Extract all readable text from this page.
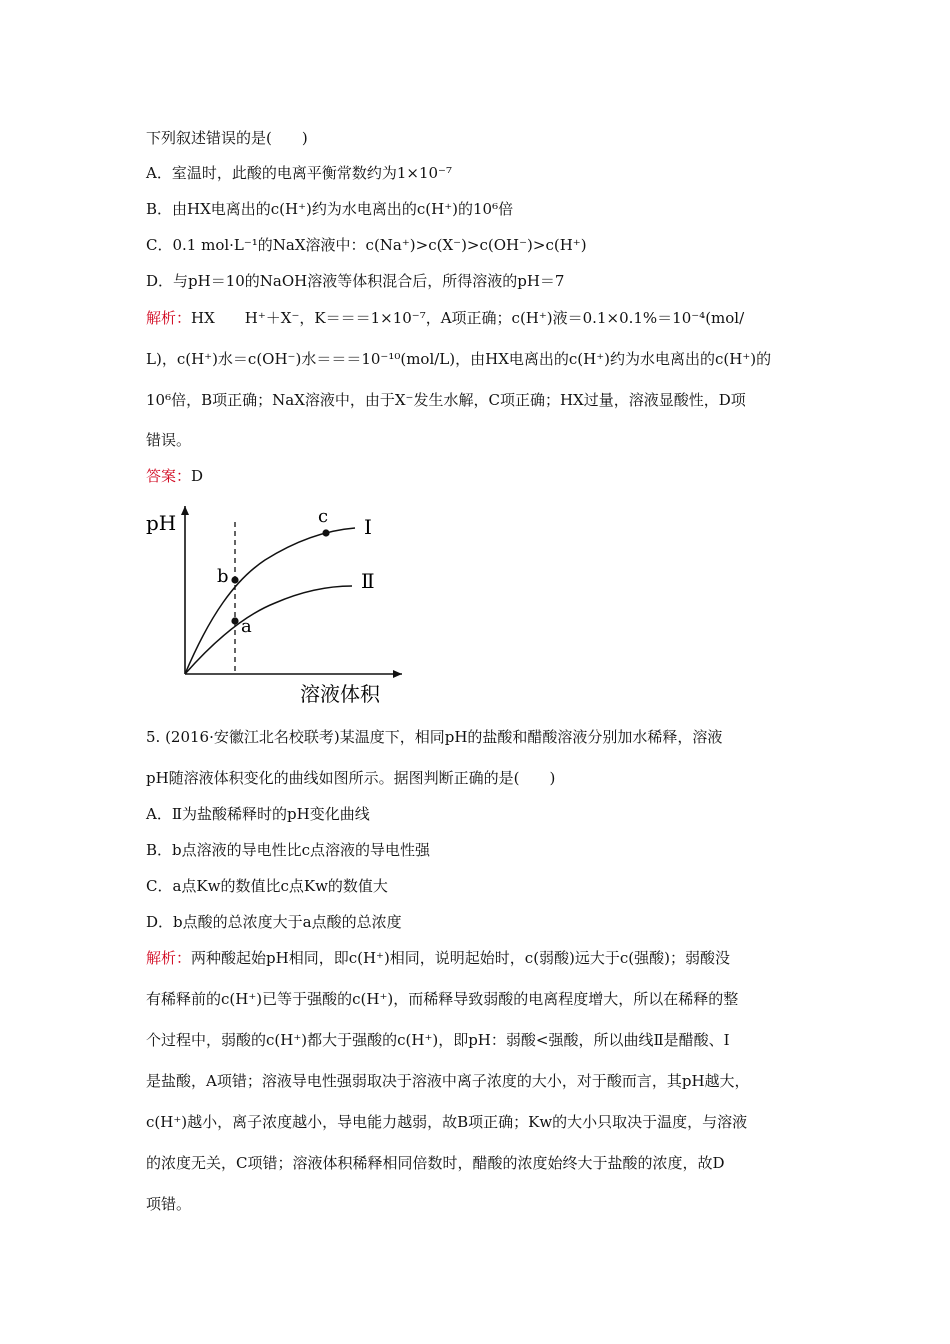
下列叙述错误的是(　　)
A．室温时，此酸的电离平衡常数约为1×10⁻⁷
B．由HX电离出的c(H⁺)约为水电离出的c(H⁺)的10⁶倍
C．0.1 mol·L⁻¹的NaX溶液中：c(Na⁺)>c(X⁻)>c(OH⁻)>c(H⁺)
D．与pH＝10的NaOH溶液等体积混合后，所得溶液的pH＝7
解析：HX　　H⁺＋X⁻，K＝＝＝1×10⁻⁷，A项正确；c(H⁺)液＝0.1×0.1%＝10⁻⁴(mol/
L)，c(H⁺)水＝c(OH⁻)水＝＝＝10⁻¹⁰(mol/L)，由HX电离出的c(H⁺)约为水电离出的c(H⁺)的
10⁶倍，B项正确；NaX溶液中，由于X⁻发生水解，C项正确；HX过量，溶液显酸性，D项
错误。
答案：D
pH
b
a
c Ⅰ
Ⅱ
溶液体积
5. (2016·安徽江北名校联考)某温度下，相同pH的盐酸和醋酸溶液分别加水稀释，溶液
pH随溶液体积变化的曲线如图所示。据图判断正确的是(　　)
A．Ⅱ为盐酸稀释时的pH变化曲线
B．b点溶液的导电性比c点溶液的导电性强
C．a点Kw的数值比c点Kw的数值大
D．b点酸的总浓度大于a点酸的总浓度
解析：两种酸起始pH相同，即c(H⁺)相同，说明起始时，c(弱酸)远大于c(强酸)；弱酸没
有稀释前的c(H⁺)已等于强酸的c(H⁺)，而稀释导致弱酸的电离程度增大，所以在稀释的整
个过程中，弱酸的c(H⁺)都大于强酸的c(H⁺)，即pH：弱酸<强酸，所以曲线Ⅱ是醋酸、Ⅰ
是盐酸，A项错；溶液导电性强弱取决于溶液中离子浓度的大小，对于酸而言，其pH越大，
c(H⁺)越小，离子浓度越小，导电能力越弱，故B项正确；Kw的大小只取决于温度，与溶液
的浓度无关，C项错；溶液体积稀释相同倍数时，醋酸的浓度始终大于盐酸的浓度，故D
项错。
